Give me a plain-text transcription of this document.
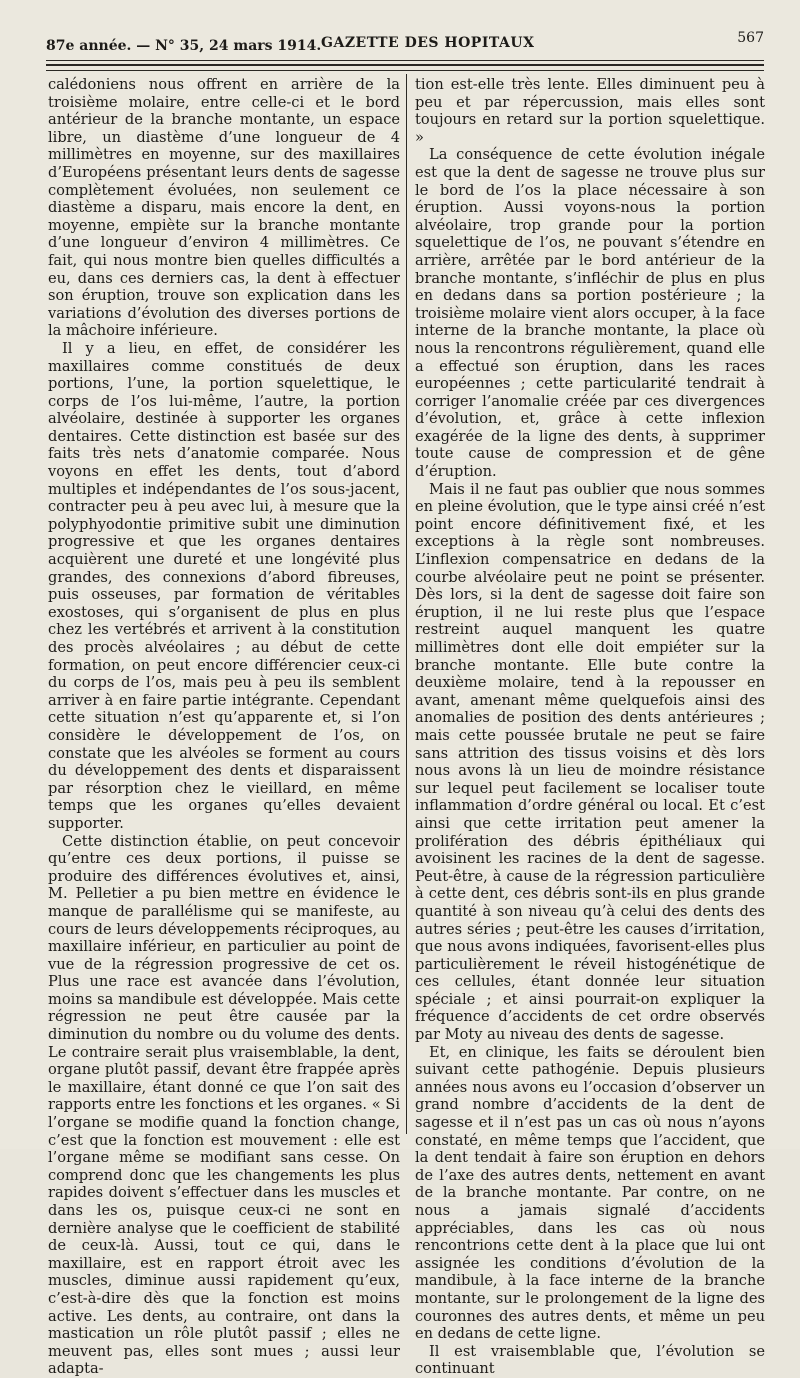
87e année. — N° 35, 24 mars 1914. GAZETTE DES HOPITAUX	567

calédoniens nous offrent en arrière de la troisième molaire, entre celle-ci et le bord antérieur de la branche montante, un espace libre, un diastème d’une longueur de 4 millimètres en moyenne, sur des maxillaires d’Européens présentant leurs dents de sagesse complètement évoluées, non seulement ce diastème a disparu, mais encore la dent, en moyenne, empiète sur la branche montante d’une longueur d’environ 4 millimètres. Ce fait, qui nous montre bien quelles difficultés a eu, dans ces derniers cas, la dent à effectuer son éruption, trouve son explication dans les variations d’évolution des diverses portions de la mâchoire inférieure.

Il y a lieu, en effet, de considérer les maxillaires comme constitués de deux portions, l’une, la portion squelettique, le corps de l’os lui-même, l’autre, la portion alvéolaire, destinée à supporter les organes dentaires. Cette distinction est basée sur des faits très nets d’anatomie comparée. Nous voyons en effet les dents, tout d’abord multiples et indépendantes de l’os sous-jacent, contracter peu à peu avec lui, à mesure que la polyphyodontie primitive subit une diminution progressive et que les organes dentaires acquièrent une dureté et une longévité plus grandes, des connexions d’abord fibreuses, puis osseuses, par formation de véritables exostoses, qui s’organisent de plus en plus chez les vertébrés et arrivent à la constitution des procès alvéolaires ; au début de cette formation, on peut encore différencier ceux-ci du corps de l’os, mais peu à peu ils semblent arriver à en faire partie intégrante. Cependant cette situation n’est qu’apparente et, si l’on considère le développement de l’os, on constate que les alvéoles se forment au cours du développement des dents et disparaissent par résorption chez le vieillard, en même temps que les organes qu’elles devaient supporter.

Cette distinction établie, on peut concevoir qu’entre ces deux portions, il puisse se produire des différences évolutives et, ainsi, M. Pelletier a pu bien mettre en évidence le manque de parallélisme qui se manifeste, au cours de leurs développements réciproques, au maxillaire inférieur, en particulier au point de vue de la régression progressive de cet os. Plus une race est avancée dans l’évolution, moins sa mandibule est développée. Mais cette régression ne peut être causée par la diminution du nombre ou du volume des dents. Le contraire serait plus vraisemblable, la dent, organe plutôt passif, devant être frappée après le maxillaire, étant donné ce que l’on sait des rapports entre les fonctions et les organes. « Si l’organe se modifie quand la fonction change, c’est que la fonction est mouvement : elle est l’organe même se modifiant sans cesse. On comprend donc que les changements les plus rapides doivent s’effectuer dans les muscles et dans les os, puisque ceux-ci ne sont en dernière analyse que le coefficient de stabilité de ceux-là. Aussi, tout ce qui, dans le maxillaire, est en rapport étroit avec les muscles, diminue aussi rapidement qu’eux, c’est-à-dire dès que la fonction est moins active. Les dents, au contraire, ont dans la mastication un rôle plutôt passif ; elles ne meuvent pas, elles sont mues ; aussi leur adapta-

tion est-elle très lente. Elles diminuent peu à peu et par répercussion, mais elles sont toujours en retard sur la portion squelettique. »

La conséquence de cette évolution inégale est que la dent de sagesse ne trouve plus sur le bord de l’os la place nécessaire à son éruption. Aussi voyons-nous la portion alvéolaire, trop grande pour la portion squelettique de l’os, ne pouvant s’étendre en arrière, arrêtée par le bord antérieur de la branche montante, s’infléchir de plus en plus en dedans dans sa portion postérieure ; la troisième molaire vient alors occuper, à la face interne de la branche montante, la place où nous la rencontrons régulièrement, quand elle a effectué son éruption, dans les races européennes ; cette particularité tendrait à corriger l’anomalie créée par ces divergences d’évolution, et, grâce à cette inflexion exagérée de la ligne des dents, à supprimer toute cause de compression et de gêne d’éruption.

Mais il ne faut pas oublier que nous sommes en pleine évolution, que le type ainsi créé n’est point encore définitivement fixé, et les exceptions à la règle sont nombreuses. L’inflexion compensatrice en dedans de la courbe alvéolaire peut ne point se présenter. Dès lors, si la dent de sagesse doit faire son éruption, il ne lui reste plus que l’espace restreint auquel manquent les quatre millimètres dont elle doit empiéter sur la branche montante. Elle bute contre la deuxième molaire, tend à la repousser en avant, amenant même quelquefois ainsi des anomalies de position des dents antérieures ; mais cette poussée brutale ne peut se faire sans attrition des tissus voisins et dès lors nous avons là un lieu de moindre résistance sur lequel peut facilement se localiser toute inflammation d’ordre général ou local. Et c’est ainsi que cette irritation peut amener la prolifération des débris épithéliaux qui avoisinent les racines de la dent de sagesse. Peut-être, à cause de la régression particulière à cette dent, ces débris sont-ils en plus grande quantité à son niveau qu’à celui des dents des autres séries ; peut-être les causes d’irritation, que nous avons indiquées, favorisent-elles plus particulièrement le réveil histogénétique de ces cellules, étant donnée leur situation spéciale ; et ainsi pourrait-on expliquer la fréquence d’accidents de cet ordre observés par Moty au niveau des dents de sagesse.

Et, en clinique, les faits se déroulent bien suivant cette pathogénie. Depuis plusieurs années nous avons eu l’occasion d’observer un grand nombre d’accidents de la dent de sagesse et il n’est pas un cas où nous n’ayons constaté, en même temps que l’accident, que la dent tendait à faire son éruption en dehors de l’axe des autres dents, nettement en avant de la branche montante. Par contre, on ne nous a jamais signalé d’accidents appréciables, dans les cas où nous rencontrions cette dent à la place que lui ont assignée les conditions d’évolution de la mandibule, à la face interne de la branche montante, sur le prolongement de la ligne des couronnes des autres dents, et même un peu en dedans de cette ligne.

Il est vraisemblable que, l’évolution se continuant
